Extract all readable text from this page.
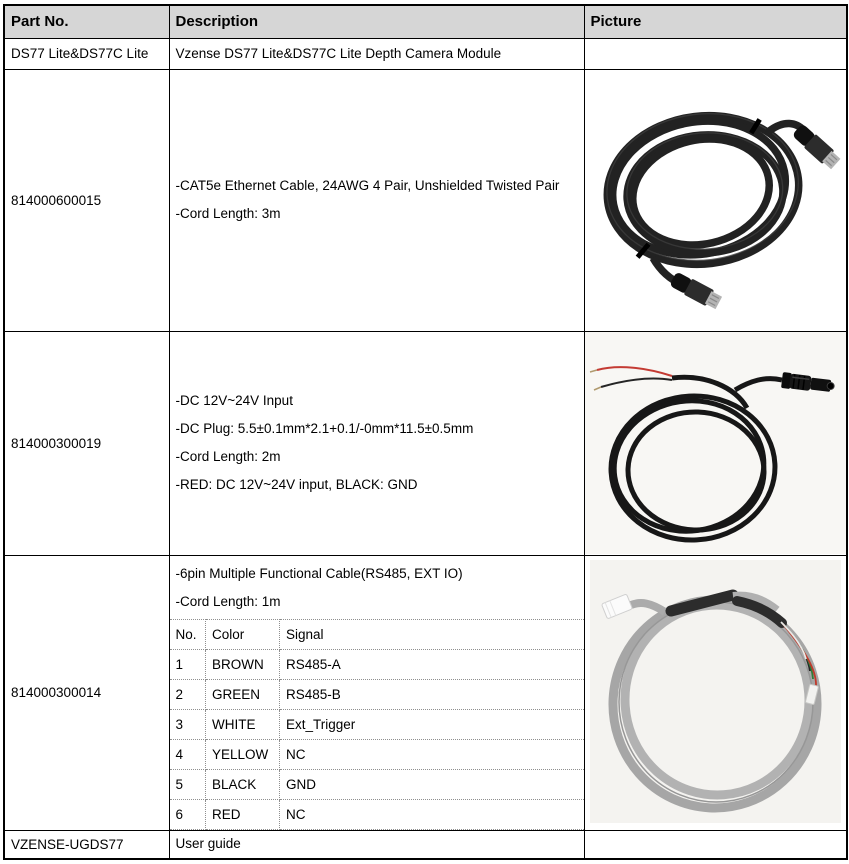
Part No.	Description	Picture
DS77 Lite&DS77C Lite	Vzense DS77 Lite&DS77C Lite Depth Camera Module

814000600015	
-CAT5e Ethernet Cable, 24AWG 4 Pair, Unshielded Twisted Pair
-Cord Length: 3m

814000300019	
-DC 12V~24V Input
-DC Plug: 5.5±0.1mm*2.1+0.1/-0mm*11.5±0.5mm
-Cord Length: 2m
-RED: DC 12V~24V input, BLACK: GND

814000300014	
-6pin Multiple Functional Cable(RS485, EXT IO)
-Cord Length: 1m
No.	Color	Signal
1	BROWN	RS485-A
2	GREEN	RS485-B
3	WHITE	Ext_Trigger
4	YELLOW	NC
5	BLACK	GND
6	RED	NC

VZENSE-UGDS77	User guide
